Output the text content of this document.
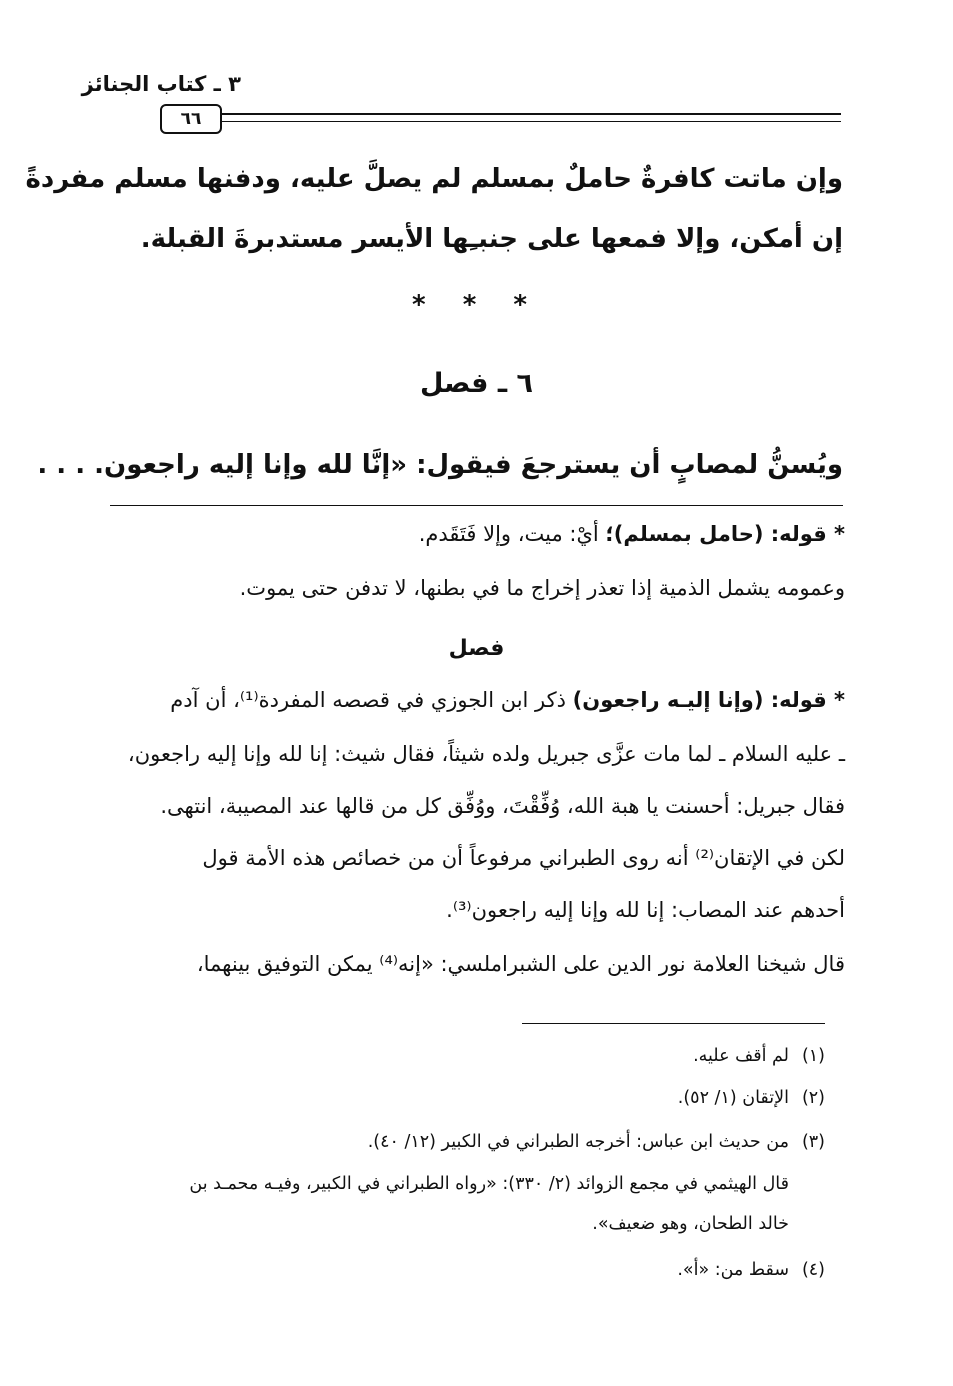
٣ ـ كتاب الجنائز
٦٦
وإن ماتت كافرةٌ حاملٌ بمسلم لم يصلَّ عليه، ودفنها مسلم مفردةً
إن أمكن، وإلا فمعها على جنبـِها الأيسر مستدبرةَ القبلة.
* * *
٦ ـ فصل
ويُسنُّ لمصابٍ أن يسترجعَ فيقول: «إنَّا لله وإنا إليه راجعون. . . .
* قوله: (حامل بمسلم)؛ أيْ: ميت، وإلا فَتَقَدم.
وعمومه يشمل الذمية إذا تعذر إخراج ما في بطنها، لا تدفن حتى يموت.
فصل
* قوله: (وإنا إليـه راجعون) ذكر ابن الجوزي في قصصه المفردة⁽¹⁾، أن آدم
ـ عليه السلام ـ لما مات عزَّى جبريل ولده شيثاً، فقال شيث: إنا لله وإنا إليه راجعون،
فقال جبريل: أحسنت يا هبة الله، وُفِّقْتَ، ووُفِّق كل من قالها عند المصيبة، انتهى.
لكن في الإتقان⁽²⁾ أنه روى الطبراني مرفوعاً أن من خصائص هذه الأمة قول
أحدهم عند المصاب: إنا لله وإنا إليه راجعون⁽³⁾.
قال شيخنا العلامة نور الدين على الشبراملسي: «إنه⁽⁴⁾ يمكن التوفيق بينهما،
(١)لم أقف عليه.
(٢)الإتقان (١/ ٥٢).
(٣)من حديث ابن عباس: أخرجه الطبراني في الكبير (١٢/ ٤٠).
قال الهيثمي في مجمع الزوائد (٢/ ٣٣٠): «رواه الطبراني في الكبير، وفيـه محمـد بن
خالد الطحان، وهو ضعيف».
(٤)سقط من: «أ».
